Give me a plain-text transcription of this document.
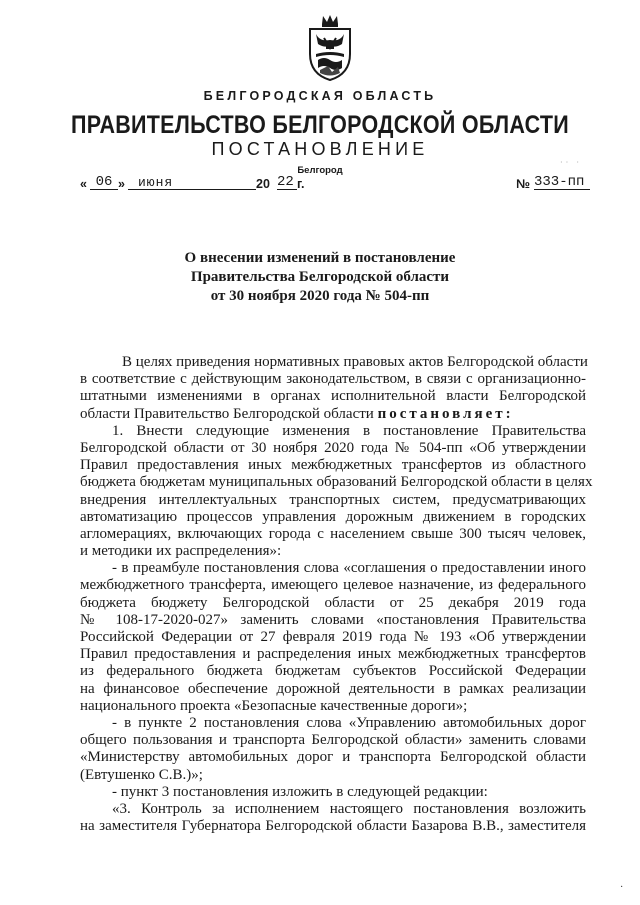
БЕЛГОРОДСКАЯ ОБЛАСТЬ
ПРАВИТЕЛЬСТВО БЕЛГОРОДСКОЙ ОБЛАСТИ
ПОСТАНОВЛЕНИЕ
Белгород
·· ·
« 06 »	июня	20 22 г.	№ 333-пп
О внесении изменений в постановление
Правительства Белгородской области
от 30 ноября 2020 года № 504-пп
В целях приведения нормативных правовых актов Белгородской области
в соответствие с действующим законодательством, в связи с организационно-
штатными изменениями в органах исполнительной власти Белгородской
области Правительство Белгородской области постановляет:
1. Внести следующие изменения в постановление Правительства
Белгородской области от 30 ноября 2020 года № 504-пп «Об утверждении
Правил предоставления иных межбюджетных трансфертов из областного
бюджета бюджетам муниципальных образований Белгородской области в целях
внедрения интеллектуальных транспортных систем, предусматривающих
автоматизацию процессов управления дорожным движением в городских
агломерациях, включающих города с населением свыше 300 тысяч человек,
и методики их распределения»:
- в преамбуле постановления слова «соглашения о предоставлении иного
межбюджетного трансферта, имеющего целевое назначение, из федерального
бюджета бюджету Белгородской области от 25 декабря 2019 года
№ 108-17-2020-027» заменить словами «постановления Правительства
Российской Федерации от 27 февраля 2019 года № 193 «Об утверждении
Правил предоставления и распределения иных межбюджетных трансфертов
из федерального бюджета бюджетам субъектов Российской Федерации
на финансовое обеспечение дорожной деятельности в рамках реализации
национального проекта «Безопасные качественные дороги»;
- в пункте 2 постановления слова «Управлению автомобильных дорог
общего пользования и транспорта Белгородской области» заменить словами
«Министерству автомобильных дорог и транспорта Белгородской области
(Евтушенко С.В.)»;
- пункт 3 постановления изложить в следующей редакции:
«3. Контроль за исполнением настоящего постановления возложить
на заместителя Губернатора Белгородской области Базарова В.В., заместителя
·
